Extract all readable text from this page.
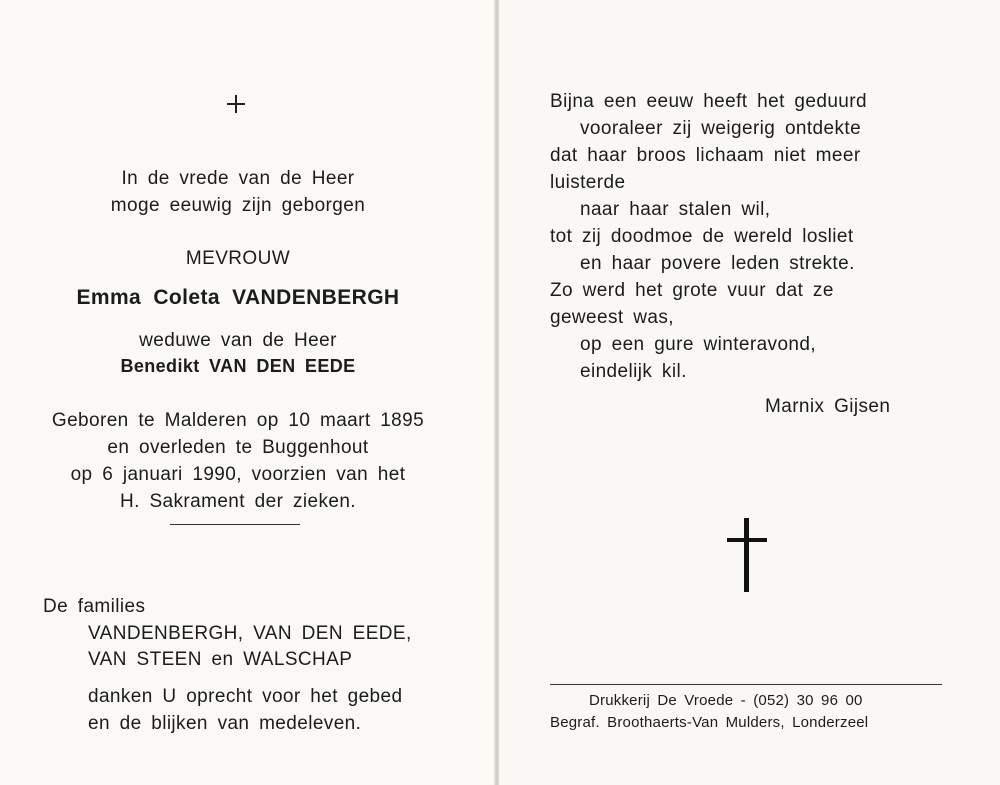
In de vrede van de Heer
moge eeuwig zijn geborgen
MEVROUW
Emma Coleta VANDENBERGH
weduwe van de Heer
Benedikt VAN DEN EEDE
Geboren te Malderen op 10 maart 1895
en overleden te Buggenhout
op 6 januari 1990, voorzien van het
H. Sakrament der zieken.
De families
VANDENBERGH, VAN DEN EEDE,
VAN STEEN en WALSCHAP
danken U oprecht voor het gebed
en de blijken van medeleven.
Bijna een eeuw heeft het geduurd
vooraleer zij weigerig ontdekte
dat haar broos lichaam niet meer
luisterde
naar haar stalen wil,
tot zij doodmoe de wereld losliet
en haar povere leden strekte.
Zo werd het grote vuur dat ze
geweest was,
op een gure winteravond,
eindelijk kil.
Marnix Gijsen
Drukkerij De Vroede - (052) 30 96 00
Begraf. Broothaerts-Van Mulders, Londerzeel
